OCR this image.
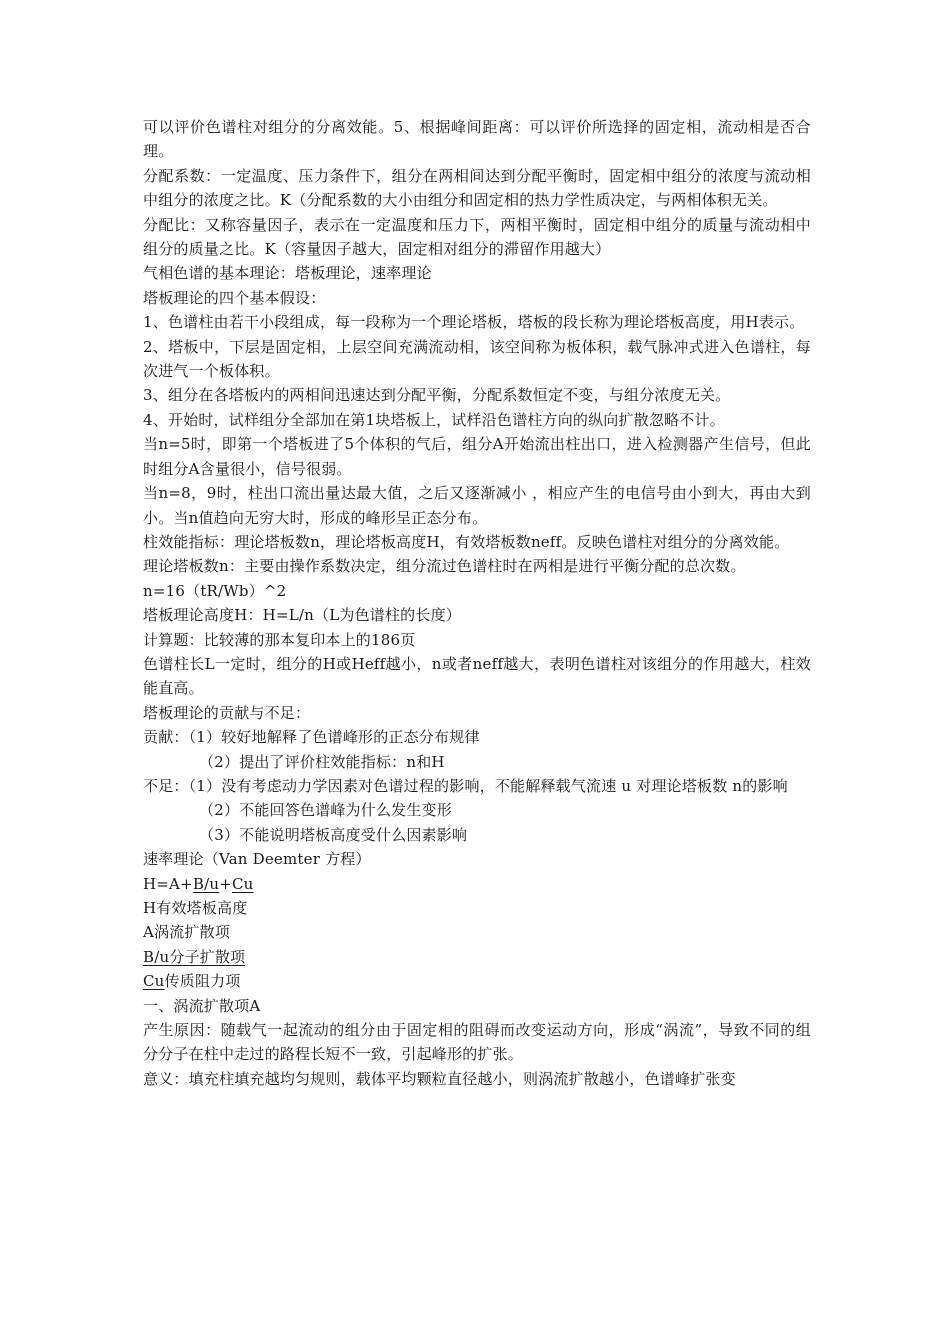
可以评价色谱柱对组分的分离效能。5、根据峰间距离：可以评价所选择的固定相，流动相是否合理。

分配系数：一定温度、压力条件下，组分在两相间达到分配平衡时，固定相中组分的浓度与流动相中组分的浓度之比。K（分配系数的大小由组分和固定相的热力学性质决定，与两相体积无关。

分配比：又称容量因子，表示在一定温度和压力下，两相平衡时，固定相中组分的质量与流动相中组分的质量之比。K（容量因子越大，固定相对组分的滞留作用越大）

气相色谱的基本理论：塔板理论，速率理论

塔板理论的四个基本假设：

1、色谱柱由若干小段组成，每一段称为一个理论塔板，塔板的段长称为理论塔板高度，用H表示。

2、塔板中，下层是固定相，上层空间充满流动相，该空间称为板体积，载气脉冲式进入色谱柱，每次进气一个板体积。

3、组分在各塔板内的两相间迅速达到分配平衡，分配系数恒定不变，与组分浓度无关。

4、开始时，试样组分全部加在第1块塔板上，试样沿色谱柱方向的纵向扩散忽略不计。

当n=5时，即第一个塔板进了5个体积的气后，组分A开始流出柱出口，进入检测器产生信号，但此时组分A含量很小，信号很弱。

当n=8，9时，柱出口流出量达最大值，之后又逐渐减小 ，相应产生的电信号由小到大，再由大到小。当n值趋向无穷大时，形成的峰形呈正态分布。

柱效能指标：理论塔板数n，理论塔板高度H，有效塔板数neff。反映色谱柱对组分的分离效能。

理论塔板数n：主要由操作系数决定，组分流过色谱柱时在两相是进行平衡分配的总次数。

n=16（tR/Wb）^2

塔板理论高度H：H=L/n（L为色谱柱的长度）

计算题：比较薄的那本复印本上的186页

色谱柱长L一定时，组分的H或Heff越小，n或者neff越大，表明色谱柱对该组分的作用越大，柱效能直高。

塔板理论的贡献与不足：

贡献：（1）较好地解释了色谱峰形的正态分布规律

（2）提出了评价柱效能指标：n和H

不足：（1）没有考虑动力学因素对色谱过程的影响，不能解释载气流速 u 对理论塔板数 n的影响

（2）不能回答色谱峰为什么发生变形

（3）不能说明塔板高度受什么因素影响

速率理论（Van Deemter 方程）

H=A+B/u+Cu

H有效塔板高度

A涡流扩散项

B/u分子扩散项

Cu传质阻力项

一、涡流扩散项A

产生原因：随载气一起流动的组分由于固定相的阻碍而改变运动方向，形成“涡流”，导致不同的组分分子在柱中走过的路程长短不一致，引起峰形的扩张。

意义：填充柱填充越均匀规则，载体平均颗粒直径越小，则涡流扩散越小，色谱峰扩张变
